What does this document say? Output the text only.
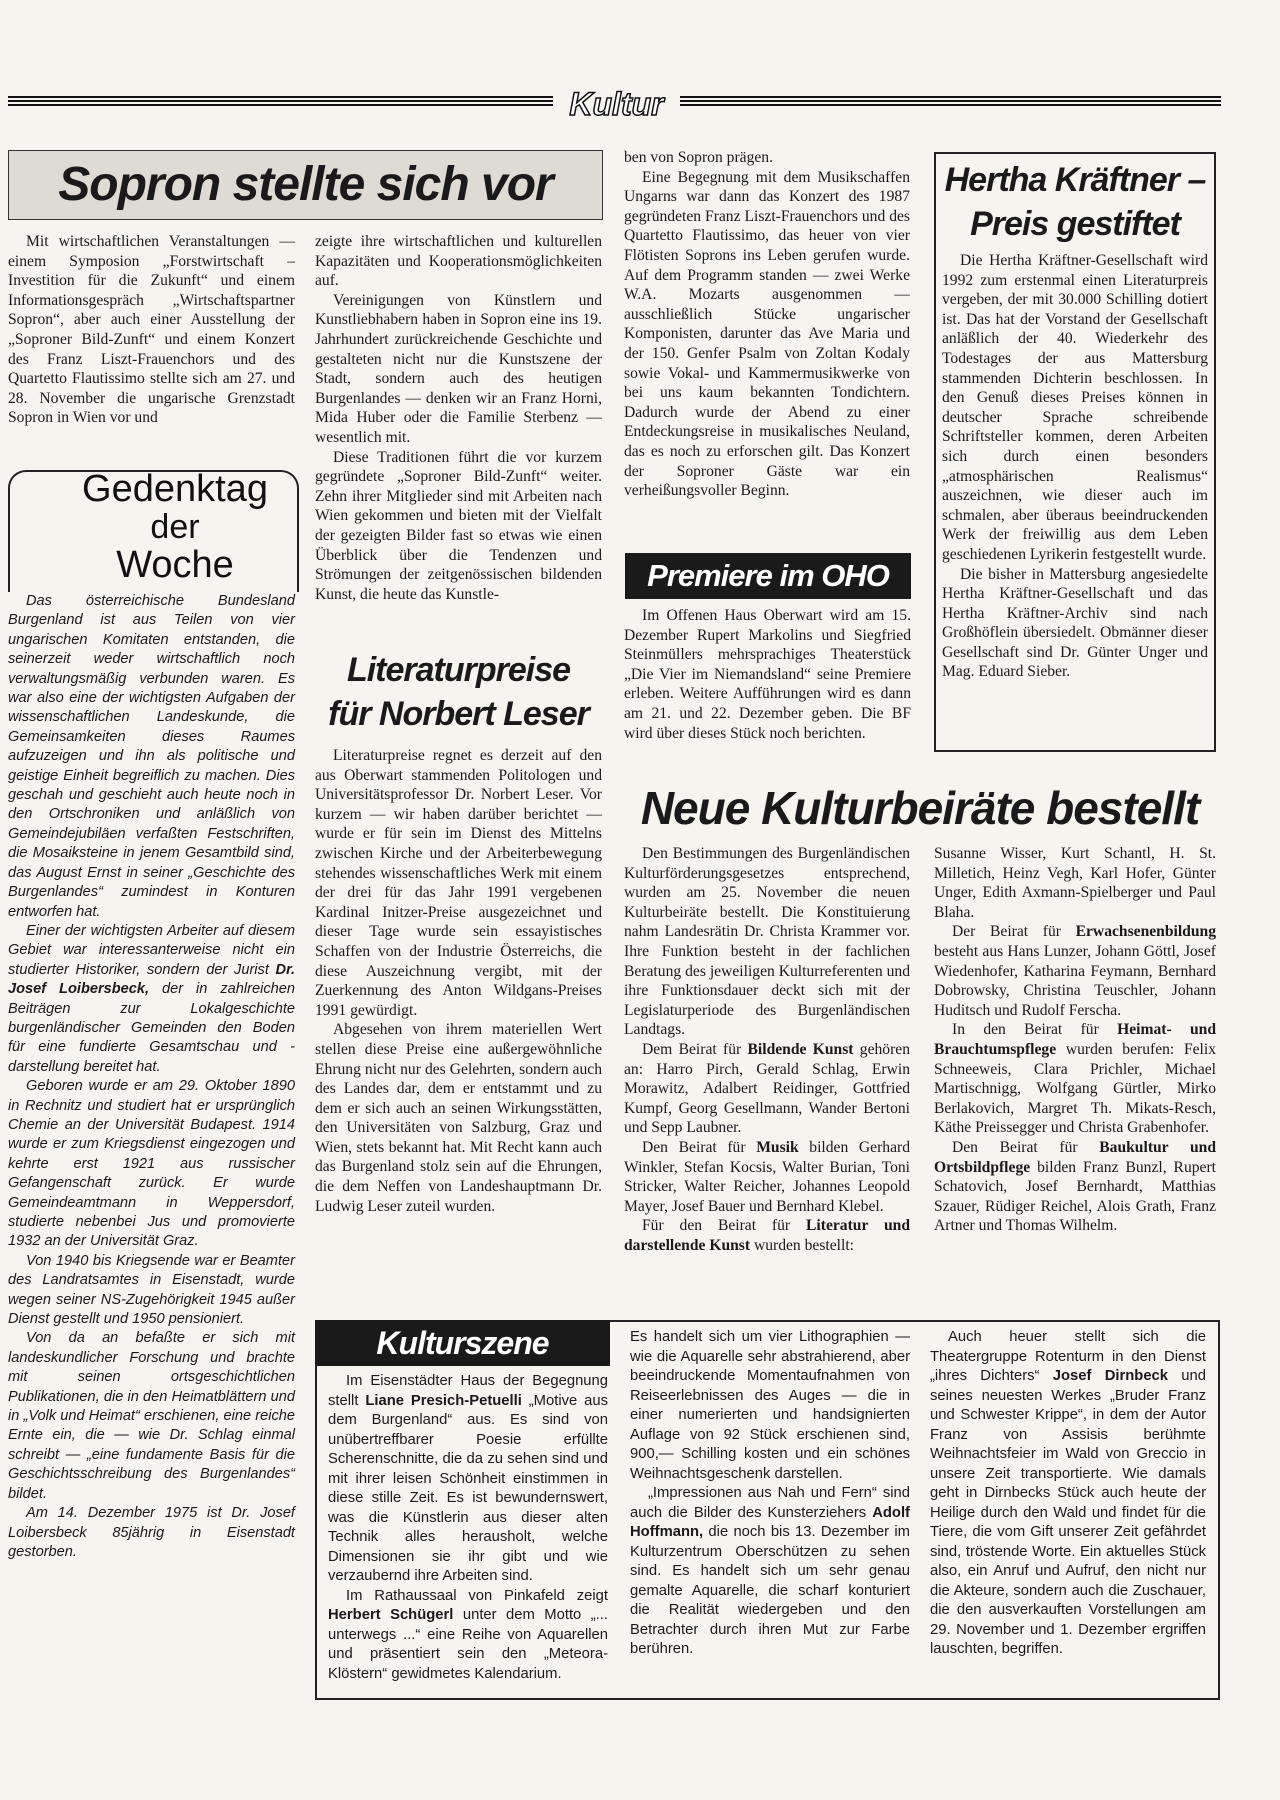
Kultur
Sopron stellte sich vor

Mit wirtschaftlichen Veranstaltungen — einem Symposion „Forstwirtschaft – Investition für die Zukunft“ und einem Informationsgespräch „Wirtschaftspartner Sopron“, aber auch einer Ausstellung der „Soproner Bild-Zunft“ und einem Konzert des Franz Liszt-Frauenchors und des Quartetto Flautissimo stellte sich am 27. und 28. November die ungarische Grenzstadt Sopron in Wien vor und

zeigte ihre wirtschaftlichen und kulturellen Kapazitäten und Kooperationsmöglichkeiten auf.

Vereinigungen von Künstlern und Kunstliebhabern haben in Sopron eine ins 19. Jahrhundert zurückreichende Geschichte und gestalteten nicht nur die Kunstszene der Stadt, sondern auch des heutigen Burgenlandes — denken wir an Franz Horni, Mida Huber oder die Familie Sterbenz — wesentlich mit.

Diese Traditionen führt die vor kurzem gegründete „Soproner Bild-Zunft“ weiter. Zehn ihrer Mitglieder sind mit Arbeiten nach Wien gekommen und bieten mit der Vielfalt der gezeigten Bilder fast so etwas wie einen Überblick über die Tendenzen und Strömungen der zeitgenössischen bildenden Kunst, die heute das Kunstle-

ben von Sopron prägen.

Eine Begegnung mit dem Musikschaffen Ungarns war dann das Konzert des 1987 gegründeten Franz Liszt-Frauenchors und des Quartetto Flautissimo, das heuer von vier Flötisten Soprons ins Leben gerufen wurde. Auf dem Programm standen — zwei Werke W.A. Mozarts ausgenommen — ausschließlich Stücke ungarischer Komponisten, darunter das Ave Maria und der 150. Genfer Psalm von Zoltan Kodaly sowie Vokal- und Kammermusikwerke von bei uns kaum bekannten Tondichtern. Dadurch wurde der Abend zu einer Entdeckungsreise in musikalisches Neuland, das es noch zu erforschen gilt. Das Konzert der Soproner Gäste war ein verheißungsvoller Beginn.

Gedenktag
der
Woche

Das österreichische Bundesland Burgenland ist aus Teilen von vier ungarischen Komitaten entstanden, die seinerzeit weder wirtschaftlich noch verwaltungsmäßig verbunden waren. Es war also eine der wichtigsten Aufgaben der wissenschaftlichen Landeskunde, die Gemeinsamkeiten dieses Raumes aufzuzeigen und ihn als politische und geistige Einheit begreiflich zu machen. Dies geschah und geschieht auch heute noch in den Ortschroniken und anläßlich von Gemeindejubiläen verfaßten Festschriften, die Mosaiksteine in jenem Gesamtbild sind, das August Ernst in seiner „Geschichte des Burgenlandes“ zumindest in Konturen entworfen hat.

Einer der wichtigsten Arbeiter auf diesem Gebiet war interessanterweise nicht ein studierter Historiker, sondern der Jurist Dr. Josef Loibersbeck, der in zahlreichen Beiträgen zur Lokalgeschichte burgenländischer Gemeinden den Boden für eine fundierte Gesamtschau und -darstellung bereitet hat.

Geboren wurde er am 29. Oktober 1890 in Rechnitz und studiert hat er ursprünglich Chemie an der Universität Budapest. 1914 wurde er zum Kriegsdienst eingezogen und kehrte erst 1921 aus russischer Gefangenschaft zurück. Er wurde Gemeindeamtmann in Weppersdorf, studierte nebenbei Jus und promovierte 1932 an der Universität Graz.

Von 1940 bis Kriegsende war er Beamter des Landratsamtes in Eisenstadt, wurde wegen seiner NS-Zugehörigkeit 1945 außer Dienst gestellt und 1950 pensioniert.

Von da an befaßte er sich mit landeskundlicher Forschung und brachte mit seinen ortsgeschichtlichen Publikationen, die in den Heimatblättern und in „Volk und Heimat“ erschienen, eine reiche Ernte ein, die — wie Dr. Schlag einmal schreibt — „eine fundamente Basis für die Geschichtsschreibung des Burgenlandes“ bildet.

Am 14. Dezember 1975 ist Dr. Josef Loibersbeck 85jährig in Eisenstadt gestorben.

Literaturpreise
für Norbert Leser

Literaturpreise regnet es derzeit auf den aus Oberwart stammenden Politologen und Universitätsprofessor Dr. Norbert Leser. Vor kurzem — wir haben darüber berichtet — wurde er für sein im Dienst des Mittelns zwischen Kirche und der Arbeiterbewegung stehendes wissenschaftliches Werk mit einem der drei für das Jahr 1991 vergebenen Kardinal Initzer-Preise ausgezeichnet und dieser Tage wurde sein essayistisches Schaffen von der Industrie Österreichs, die diese Auszeichnung vergibt, mit der Zuerkennung des Anton Wildgans-Preises 1991 gewürdigt.

Abgesehen von ihrem materiellen Wert stellen diese Preise eine außergewöhnliche Ehrung nicht nur des Gelehrten, sondern auch des Landes dar, dem er entstammt und zu dem er sich auch an seinen Wirkungsstätten, den Universitäten von Salzburg, Graz und Wien, stets bekannt hat. Mit Recht kann auch das Burgenland stolz sein auf die Ehrungen, die dem Neffen von Landeshauptmann Dr. Ludwig Leser zuteil wurden.

Premiere im OHO

Im Offenen Haus Oberwart wird am 15. Dezember Rupert Markolins und Siegfried Steinmüllers mehrsprachiges Theaterstück „Die Vier im Niemandsland“ seine Premiere erleben. Weitere Aufführungen wird es dann am 21. und 22. Dezember geben. Die BF wird über dieses Stück noch berichten.

Hertha Kräftner –
Preis gestiftet

Die Hertha Kräftner-Gesellschaft wird 1992 zum erstenmal einen Literaturpreis vergeben, der mit 30.000 Schilling dotiert ist. Das hat der Vorstand der Gesellschaft anläßlich der 40. Wiederkehr des Todestages der aus Mattersburg stammenden Dichterin beschlossen. In den Genuß dieses Preises können in deutscher Sprache schreibende Schriftsteller kommen, deren Arbeiten sich durch einen besonders „atmosphärischen Realismus“ auszeichnen, wie dieser auch im schmalen, aber überaus beeindruckenden Werk der freiwillig aus dem Leben geschiedenen Lyrikerin festgestellt wurde.

Die bisher in Mattersburg angesiedelte Hertha Kräftner-Gesellschaft und das Hertha Kräftner-Archiv sind nach Großhöflein übersiedelt. Obmänner dieser Gesellschaft sind Dr. Günter Unger und Mag. Eduard Sieber.

Neue Kulturbeiräte bestellt

Den Bestimmungen des Burgenländischen Kulturförderungsgesetzes entsprechend, wurden am 25. November die neuen Kulturbeiräte bestellt. Die Konstituierung nahm Landesrätin Dr. Christa Krammer vor. Ihre Funktion besteht in der fachlichen Beratung des jeweiligen Kulturreferenten und ihre Funktionsdauer deckt sich mit der Legislaturperiode des Burgenländischen Landtags.

Dem Beirat für Bildende Kunst gehören an: Harro Pirch, Gerald Schlag, Erwin Morawitz, Adalbert Reidinger, Gottfried Kumpf, Georg Gesellmann, Wander Bertoni und Sepp Laubner.

Den Beirat für Musik bilden Gerhard Winkler, Stefan Kocsis, Walter Burian, Toni Stricker, Walter Reicher, Johannes Leopold Mayer, Josef Bauer und Bernhard Klebel.

Für den Beirat für Literatur und darstellende Kunst wurden bestellt:

Susanne Wisser, Kurt Schantl, H. St. Milletich, Heinz Vegh, Karl Hofer, Günter Unger, Edith Axmann-Spielberger und Paul Blaha.

Der Beirat für Erwachsenenbildung besteht aus Hans Lunzer, Johann Göttl, Josef Wiedenhofer, Katharina Feymann, Bernhard Dobrowsky, Christina Teuschler, Johann Huditsch und Rudolf Ferscha.

In den Beirat für Heimat- und Brauchtumspflege wurden berufen: Felix Schneeweis, Clara Prichler, Michael Martischnigg, Wolfgang Gürtler, Mirko Berlakovich, Margret Th. Mikats-Resch, Käthe Preissegger und Christa Grabenhofer.

Den Beirat für Baukultur und Ortsbildpflege bilden Franz Bunzl, Rupert Schatovich, Josef Bernhardt, Matthias Szauer, Rüdiger Reichel, Alois Grath, Franz Artner und Thomas Wilhelm.

Kulturszene

Im Eisenstädter Haus der Begegnung stellt Liane Presich-Petuelli „Motive aus dem Burgenland“ aus. Es sind von unübertreffbarer Poesie erfüllte Scherenschnitte, die da zu sehen sind und mit ihrer leisen Schönheit einstimmen in diese stille Zeit. Es ist bewundernswert, was die Künstlerin aus dieser alten Technik alles herausholt, welche Dimensionen sie ihr gibt und wie verzaubernd ihre Arbeiten sind.

Im Rathaussaal von Pinkafeld zeigt Herbert Schügerl unter dem Motto „... unterwegs ...“ eine Reihe von Aquarellen und präsentiert sein den „Meteora-Klöstern“ gewidmetes Kalendarium.

Es handelt sich um vier Lithographien — wie die Aquarelle sehr abstrahierend, aber beeindruckende Momentaufnahmen von Reiseerlebnissen des Auges — die in einer numerierten und handsignierten Auflage von 92 Stück erschienen sind, 900,— Schilling kosten und ein schönes Weihnachtsgeschenk darstellen.

„Impressionen aus Nah und Fern“ sind auch die Bilder des Kunsterziehers Adolf Hoffmann, die noch bis 13. Dezember im Kulturzentrum Oberschützen zu sehen sind. Es handelt sich um sehr genau gemalte Aquarelle, die scharf konturiert die Realität wiedergeben und den Betrachter durch ihren Mut zur Farbe berühren.

Auch heuer stellt sich die Theatergruppe Rotenturm in den Dienst „ihres Dichters“ Josef Dirnbeck und seines neuesten Werkes „Bruder Franz und Schwester Krippe“, in dem der Autor Franz von Assisis berühmte Weihnachtsfeier im Wald von Greccio in unsere Zeit transportierte. Wie damals geht in Dirnbecks Stück auch heute der Heilige durch den Wald und findet für die Tiere, die vom Gift unserer Zeit gefährdet sind, tröstende Worte. Ein aktuelles Stück also, ein Anruf und Aufruf, den nicht nur die Akteure, sondern auch die Zuschauer, die den ausverkauften Vorstellungen am 29. November und 1. Dezember ergriffen lauschten, begriffen.
